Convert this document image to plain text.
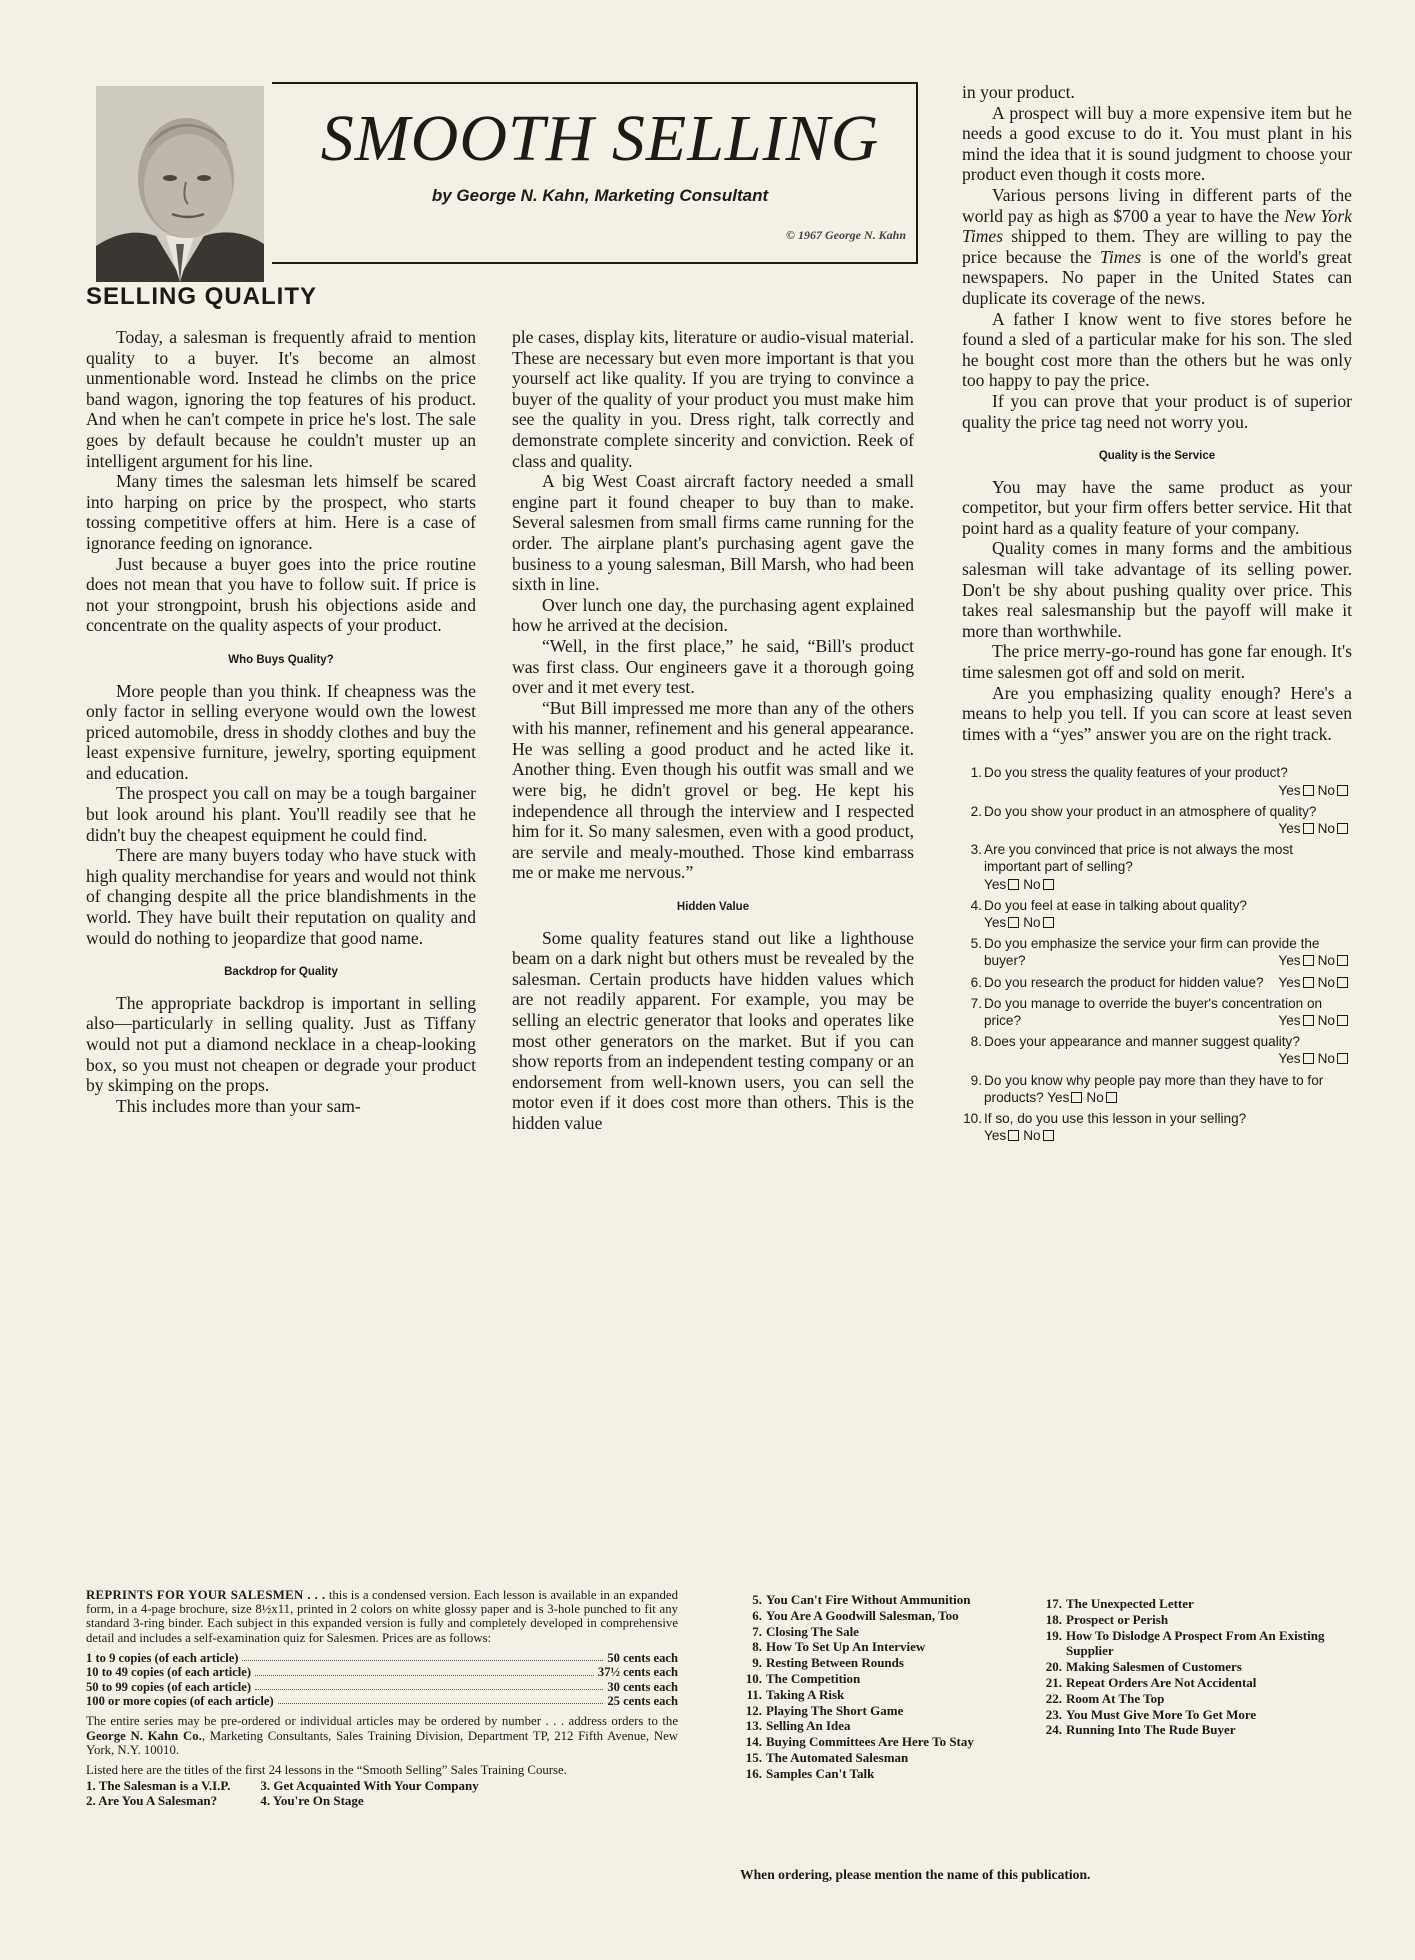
SMOOTH SELLING
by George N. Kahn, Marketing Consultant
© 1967 George N. Kahn
SELLING QUALITY

Today, a salesman is frequently afraid to mention quality to a buyer. It's become an almost unmentionable word. Instead he climbs on the price band wagon, ignoring the top features of his product. And when he can't compete in price he's lost. The sale goes by default because he couldn't muster up an intelligent argument for his line.

Many times the salesman lets himself be scared into harping on price by the prospect, who starts tossing competitive offers at him. Here is a case of ignorance feeding on ignorance.

Just because a buyer goes into the price routine does not mean that you have to follow suit. If price is not your strongpoint, brush his objections aside and concentrate on the quality aspects of your product.

Who Buys Quality?

More people than you think. If cheapness was the only factor in selling everyone would own the lowest priced automobile, dress in shoddy clothes and buy the least expensive furniture, jewelry, sporting equipment and education.

The prospect you call on may be a tough bargainer but look around his plant. You'll readily see that he didn't buy the cheapest equipment he could find.

There are many buyers today who have stuck with high quality merchandise for years and would not think of changing despite all the price blandishments in the world. They have built their reputation on quality and would do nothing to jeopardize that good name.

Backdrop for Quality

The appropriate backdrop is important in selling also—particularly in selling quality. Just as Tiffany would not put a diamond necklace in a cheap-looking box, so you must not cheapen or degrade your product by skimping on the props.

This includes more than your sam-

ple cases, display kits, literature or audio-visual material. These are necessary but even more important is that you yourself act like quality. If you are trying to convince a buyer of the quality of your product you must make him see the quality in you. Dress right, talk correctly and demonstrate complete sincerity and conviction. Reek of class and quality.

A big West Coast aircraft factory needed a small engine part it found cheaper to buy than to make. Several salesmen from small firms came running for the order. The airplane plant's purchasing agent gave the business to a young salesman, Bill Marsh, who had been sixth in line.

Over lunch one day, the purchasing agent explained how he arrived at the decision.

“Well, in the first place,” he said, “Bill's product was first class. Our engineers gave it a thorough going over and it met every test.

“But Bill impressed me more than any of the others with his manner, refinement and his general appearance. He was selling a good product and he acted like it. Another thing. Even though his outfit was small and we were big, he didn't grovel or beg. He kept his independence all through the interview and I respected him for it. So many salesmen, even with a good product, are servile and mealy-mouthed. Those kind embarrass me or make me nervous.”

Hidden Value

Some quality features stand out like a lighthouse beam on a dark night but others must be revealed by the salesman. Certain products have hidden values which are not readily apparent. For example, you may be selling an electric generator that looks and operates like most other generators on the market. But if you can show reports from an independent testing company or an endorsement from well-known users, you can sell the motor even if it does cost more than others. This is the hidden value

in your product.

A prospect will buy a more expensive item but he needs a good excuse to do it. You must plant in his mind the idea that it is sound judgment to choose your product even though it costs more.

Various persons living in different parts of the world pay as high as $700 a year to have the New York Times shipped to them. They are willing to pay the price because the Times is one of the world's great newspapers. No paper in the United States can duplicate its coverage of the news.

A father I know went to five stores before he found a sled of a particular make for his son. The sled he bought cost more than the others but he was only too happy to pay the price.

If you can prove that your product is of superior quality the price tag need not worry you.

Quality is the Service

You may have the same product as your competitor, but your firm offers better service. Hit that point hard as a quality feature of your company.

Quality comes in many forms and the ambitious salesman will take advantage of its selling power. Don't be shy about pushing quality over price. This takes real salesmanship but the payoff will make it more than worthwhile.

The price merry-go-round has gone far enough. It's time salesmen got off and sold on merit.

Are you emphasizing quality enough? Here's a means to help you tell. If you can score at least seven times with a “yes” answer you are on the right track.

1. Do you stress the quality features of your product?
Yes No
2. Do you show your product in an atmosphere of quality?
Yes No
3. Are you convinced that price is not always the most important part of selling?
Yes No
4. Do you feel at ease in talking about quality?
Yes No
5. Do you emphasize the service your firm can provide the buyer?	Yes No
6. Do you research the product for hidden value? Yes No
7. Do you manage to override the buyer's concentration on price?	Yes No
8. Does your appearance and manner suggest quality?
Yes No
9. Do you know why people pay more than they have to for products? Yes No
10. If so, do you use this lesson in your selling?
Yes No

REPRINTS FOR YOUR SALESMEN . . . this is a condensed version. Each lesson is available in an expanded form, in a 4-page brochure, size 8½x11, printed in 2 colors on white glossy paper and is 3-hole punched to fit any standard 3-ring binder. Each subject in this expanded version is fully and completely developed in comprehensive detail and includes a self-examination quiz for Salesmen. Prices are as follows:

1 to 9 copies (of each article)	50 cents each
10 to 49 copies (of each article)	37½ cents each
50 to 99 copies (of each article)	30 cents each
100 or more copies (of each article)	25 cents each

The entire series may be pre-ordered or individual articles may be ordered by number . . . address orders to the George N. Kahn Co., Marketing Consultants, Sales Training Division, Department TP, 212 Fifth Avenue, New York, N.Y. 10010.

Listed here are the titles of the first 24 lessons in the “Smooth Selling” Sales Training Course.

1. The Salesman is a V.I.P.
2. Are You A Salesman?
3. Get Acquainted With Your Company
4. You're On Stage
5. You Can't Fire Without Ammunition
6. You Are A Goodwill Salesman, Too
7. Closing The Sale
8. How To Set Up An Interview
9. Resting Between Rounds
10. The Competition
11. Taking A Risk
12. Playing The Short Game
13. Selling An Idea
14. Buying Committees Are Here To Stay
15. The Automated Salesman
16. Samples Can't Talk
17. The Unexpected Letter
18. Prospect or Perish
19. How To Dislodge A Prospect From An Existing Supplier
20. Making Salesmen of Customers
21. Repeat Orders Are Not Accidental
22. Room At The Top
23. You Must Give More To Get More
24. Running Into The Rude Buyer
When ordering, please mention the name of this publication.
